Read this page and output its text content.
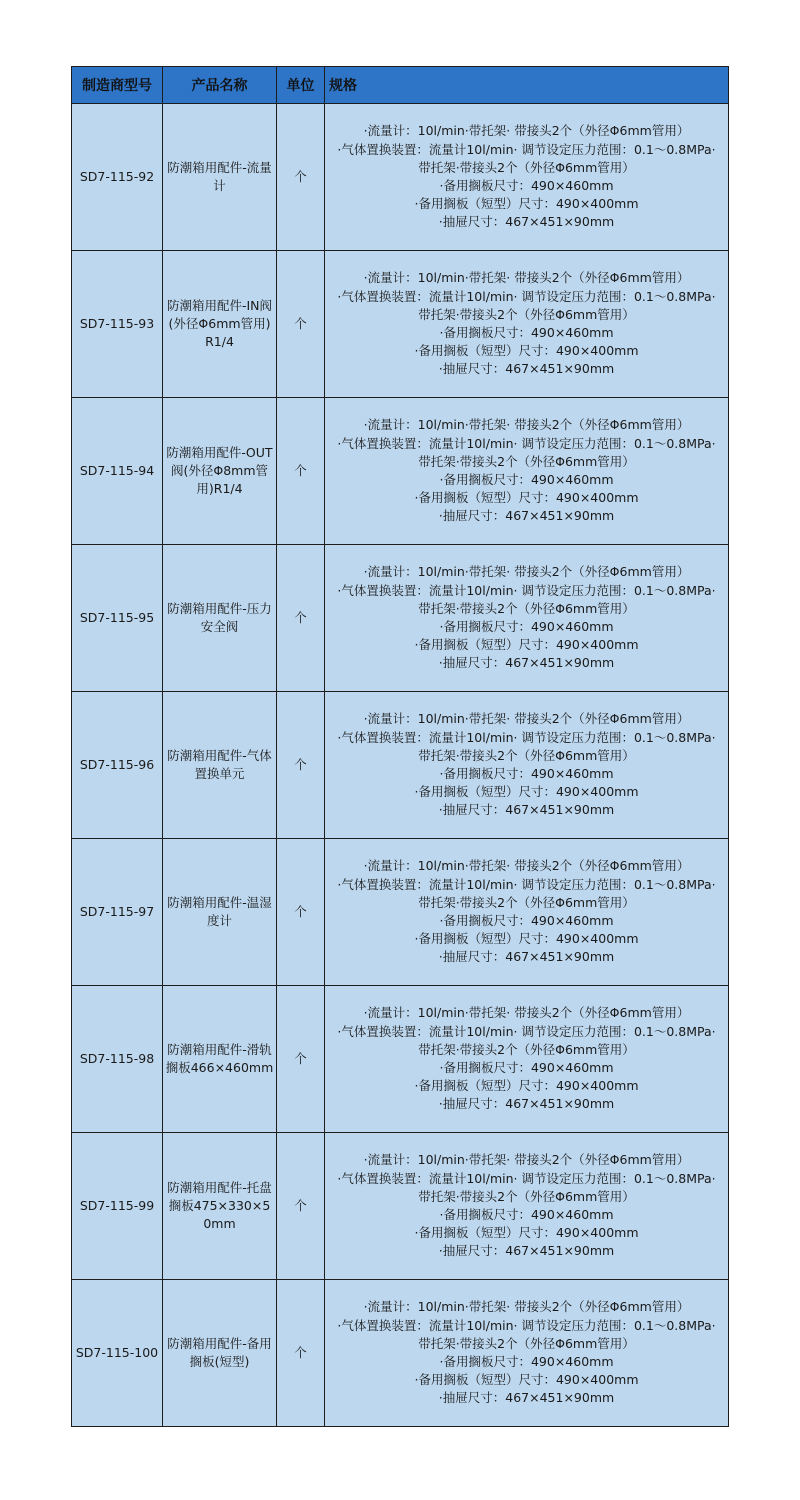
制造商型号	产品名称	单位	规格
SD7-115-92	防潮箱用配件-流量计	个	·流量计：10l/min·带托架· 带接头2个（外径Φ6mm管用）
·气体置换装置：流量计10l/min· 调节设定压力范围：0.1～0.8MPa·带托架·带接头2个（外径Φ6mm管用）
·备用搁板尺寸：490×460mm
·备用搁板（短型）尺寸：490×400mm
·抽屉尺寸：467×451×90mm

SD7-115-93	防潮箱用配件-IN阀(外径Φ6mm管用)R1/4	个	·流量计：10l/min·带托架· 带接头2个（外径Φ6mm管用）
·气体置换装置：流量计10l/min· 调节设定压力范围：0.1～0.8MPa·带托架·带接头2个（外径Φ6mm管用）
·备用搁板尺寸：490×460mm
·备用搁板（短型）尺寸：490×400mm
·抽屉尺寸：467×451×90mm

SD7-115-94	防潮箱用配件-OUT阀(外径Φ8mm管用)R1/4	个	·流量计：10l/min·带托架· 带接头2个（外径Φ6mm管用）
·气体置换装置：流量计10l/min· 调节设定压力范围：0.1～0.8MPa·带托架·带接头2个（外径Φ6mm管用）
·备用搁板尺寸：490×460mm
·备用搁板（短型）尺寸：490×400mm
·抽屉尺寸：467×451×90mm

SD7-115-95	防潮箱用配件-压力安全阀	个	·流量计：10l/min·带托架· 带接头2个（外径Φ6mm管用）
·气体置换装置：流量计10l/min· 调节设定压力范围：0.1～0.8MPa·带托架·带接头2个（外径Φ6mm管用）
·备用搁板尺寸：490×460mm
·备用搁板（短型）尺寸：490×400mm
·抽屉尺寸：467×451×90mm

SD7-115-96	防潮箱用配件-气体置换单元	个	·流量计：10l/min·带托架· 带接头2个（外径Φ6mm管用）
·气体置换装置：流量计10l/min· 调节设定压力范围：0.1～0.8MPa·带托架·带接头2个（外径Φ6mm管用）
·备用搁板尺寸：490×460mm
·备用搁板（短型）尺寸：490×400mm
·抽屉尺寸：467×451×90mm

SD7-115-97	防潮箱用配件-温湿度计	个	·流量计：10l/min·带托架· 带接头2个（外径Φ6mm管用）
·气体置换装置：流量计10l/min· 调节设定压力范围：0.1～0.8MPa·带托架·带接头2个（外径Φ6mm管用）
·备用搁板尺寸：490×460mm
·备用搁板（短型）尺寸：490×400mm
·抽屉尺寸：467×451×90mm

SD7-115-98	防潮箱用配件-滑轨搁板466×460mm	个	·流量计：10l/min·带托架· 带接头2个（外径Φ6mm管用）
·气体置换装置：流量计10l/min· 调节设定压力范围：0.1～0.8MPa·带托架·带接头2个（外径Φ6mm管用）
·备用搁板尺寸：490×460mm
·备用搁板（短型）尺寸：490×400mm
·抽屉尺寸：467×451×90mm

SD7-115-99	防潮箱用配件-托盘搁板475×330×50mm	个	·流量计：10l/min·带托架· 带接头2个（外径Φ6mm管用）
·气体置换装置：流量计10l/min· 调节设定压力范围：0.1～0.8MPa·带托架·带接头2个（外径Φ6mm管用）
·备用搁板尺寸：490×460mm
·备用搁板（短型）尺寸：490×400mm
·抽屉尺寸：467×451×90mm

SD7-115-100	防潮箱用配件-备用搁板(短型)	个	·流量计：10l/min·带托架· 带接头2个（外径Φ6mm管用）
·气体置换装置：流量计10l/min· 调节设定压力范围：0.1～0.8MPa·带托架·带接头2个（外径Φ6mm管用）
·备用搁板尺寸：490×460mm
·备用搁板（短型）尺寸：490×400mm
·抽屉尺寸：467×451×90mm
